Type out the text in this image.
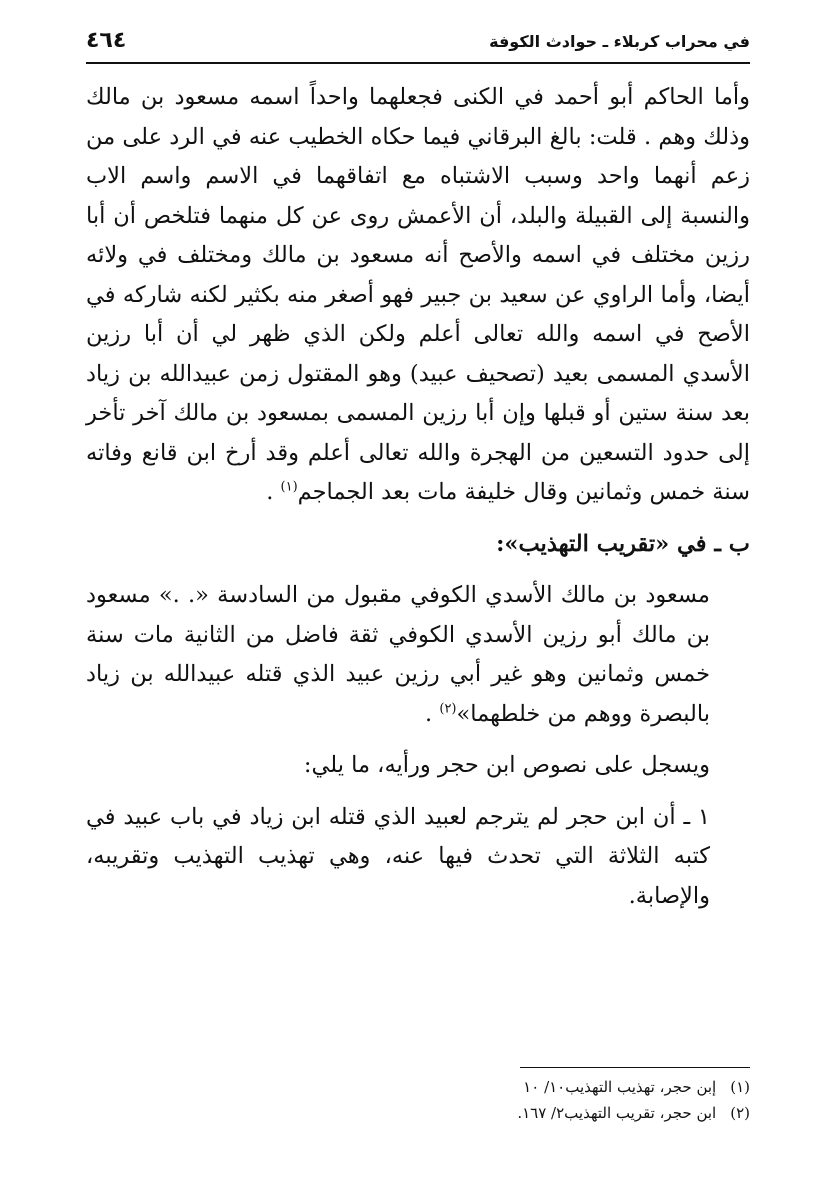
في محراب كربلاء ـ حوادث الكوفة
٤٦٤

وأما الحاكم أبو أحمد في الكنى فجعلهما واحداً اسمه مسعود بن مالك وذلك وهم . قلت: بالغ البرقاني فيما حكاه الخطيب عنه في الرد على من زعم أنهما واحد وسبب الاشتباه مع اتفاقهما في الاسم واسم الاب والنسبة إلى القبيلة والبلد، أن الأعمش روى عن كل منهما فتلخص أن أبا رزين مختلف في اسمه والأصح أنه مسعود بن مالك ومختلف في ولائه أيضا، وأما الراوي عن سعيد بن جبير فهو أصغر منه بكثير لكنه شاركه في الأصح في اسمه والله تعالى أعلم ولكن الذي ظهر لي أن أبا رزين الأسدي المسمى بعيد (تصحيف عبيد) وهو المقتول زمن عبيدالله بن زياد بعد سنة ستين أو قبلها وإن أبا رزين المسمى بمسعود بن مالك آخر تأخر إلى حدود التسعين من الهجرة والله تعالى أعلم وقد أرخ ابن قانع وفاته سنة خمس وثمانين وقال خليفة مات بعد الجماجم$^{(١)}$ .

ب ـ في «تقريب التهذيب»:

مسعود بن مالك الأسدي الكوفي مقبول من السادسة «. .» مسعود بن مالك أبو رزين الأسدي الكوفي ثقة فاضل من الثانية مات سنة خمس وثمانين وهو غير أبي رزين عبيد الذي قتله عبيدالله بن زياد بالبصرة ووهم من خلطهما»$^{(٢)}$ .

ويسجل على نصوص ابن حجر ورأيه، ما يلي:

١ ـ أن ابن حجر لم يترجم لعبيد الذي قتله ابن زياد في باب عبيد في كتبه الثلاثة التي تحدث فيها عنه، وهي تهذيب التهذيب وتقريبه، والإصابة.

(١)إبن حجر، تهذيب التهذيب١٠/ ١٠
(٢)ابن حجر، تقريب التهذيب٢/ ١٦٧.
